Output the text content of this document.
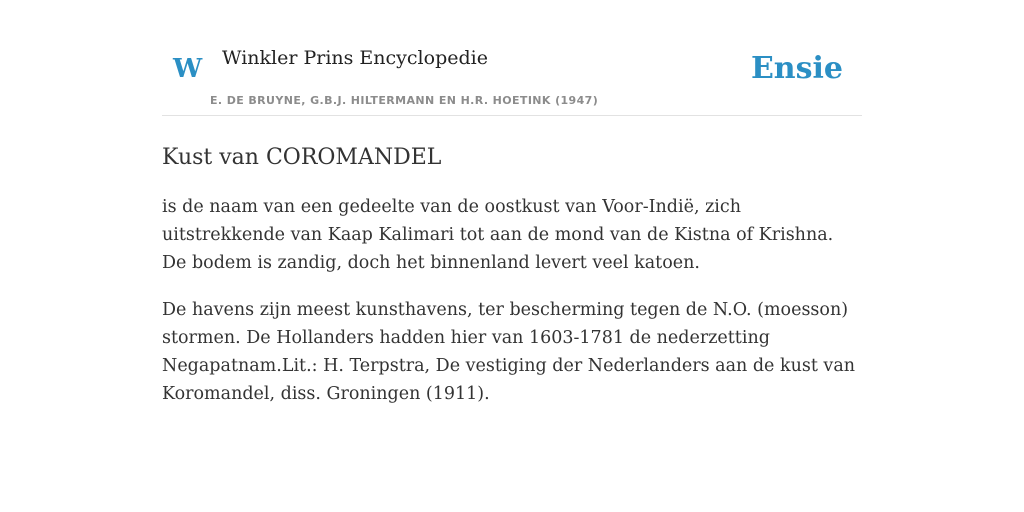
W Winkler Prins Encyclopedie
E. DE BRUYNE, G.B.J. HILTERMANN EN H.R. HOETINK (1947)
Ensie
Kust van COROMANDEL

is de naam van een gedeelte van de oostkust van Voor-Indië, zich uitstrekkende van Kaap Kalimari tot aan de mond van de Kistna of Krishna. De bodem is zandig, doch het binnenland levert veel katoen.

De havens zijn meest kunsthavens, ter bescherming tegen de N.O. (moesson) stormen. De Hollanders hadden hier van 1603-1781 de nederzetting Negapatnam.Lit.: H. Terpstra, De vestiging der Nederlanders aan de kust van Koromandel, diss. Groningen (1911).
